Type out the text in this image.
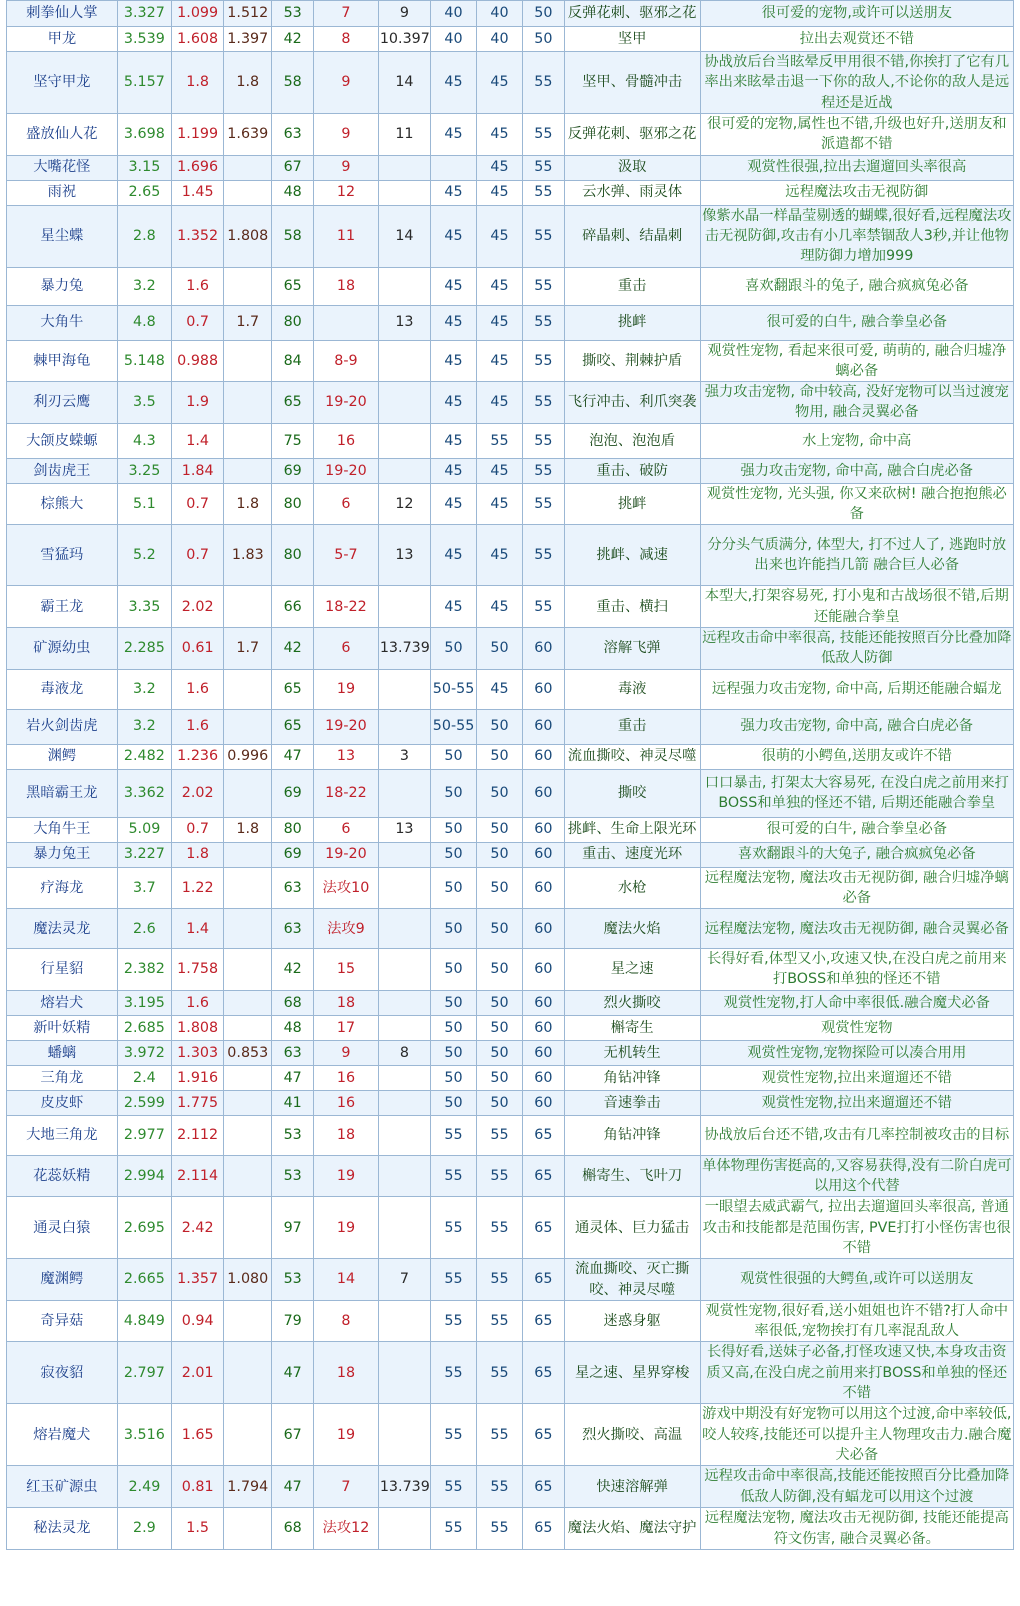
刺拳仙人掌	3.327	1.099	1.512	53	7	9	40	40	50	反弹花刺、驱邪之花	很可爱的宠物,或许可以送朋友
甲龙	3.539	1.608	1.397	42	8	10.397	40	40	50	坚甲	拉出去观赏还不错
坚守甲龙	5.157	1.8	1.8	58	9	14	45	45	55	坚甲、骨髓冲击	协战放后台当眩晕反甲用很不错,你挨打了它有几率出来眩晕击退一下你的敌人,不论你的敌人是远程还是近战
盛放仙人花	3.698	1.199	1.639	63	9	11	45	45	55	反弹花刺、驱邪之花	很可爱的宠物,属性也不错,升级也好升,送朋友和派遣都不错
大嘴花怪	3.15	1.696		67	9			45	55	汲取	观赏性很强,拉出去遛遛回头率很高
雨祝	2.65	1.45		48	12		45	45	55	云水弹、雨灵体	远程魔法攻击无视防御
星尘蝶	2.8	1.352	1.808	58	11	14	45	45	55	碎晶刺、结晶刺	像紫水晶一样晶莹剔透的蝴蝶,很好看,远程魔法攻击无视防御,攻击有小几率禁锢敌人3秒,并让他物理防御力增加999
暴力兔	3.2	1.6		65	18		45	45	55	重击	喜欢翻跟斗的兔子, 融合疯疯兔必备
大角牛	4.8	0.7	1.7	80		13	45	45	55	挑衅	很可爱的白牛, 融合拳皇必备
棘甲海龟	5.148	0.988		84	8-9		45	45	55	撕咬、荆棘护盾	观赏性宠物, 看起来很可爱, 萌萌的, 融合归墟净螭必备
利刃云鹰	3.5	1.9		65	19-20		45	45	55	飞行冲击、利爪突袭	强力攻击宠物, 命中较高, 没好宠物可以当过渡宠物用, 融合灵翼必备
大颌皮蝾螈	4.3	1.4		75	16		45	55	55	泡泡、泡泡盾	水上宠物, 命中高
剑齿虎王	3.25	1.84		69	19-20		45	45	55	重击、破防	强力攻击宠物, 命中高, 融合白虎必备
棕熊大	5.1	0.7	1.8	80	6	12	45	45	55	挑衅	观赏性宠物, 光头强, 你又来砍树! 融合抱抱熊必备
雪猛玛	5.2	0.7	1.83	80	5-7	13	45	45	55	挑衅、减速	分分头气质满分, 体型大, 打不过人了, 逃跑时放出来也许能挡几箭 融合巨人必备
霸王龙	3.35	2.02		66	18-22		45	45	55	重击、横扫	本型大,打架容易死, 打小鬼和古战场很不错,后期还能融合拳皇
矿源幼虫	2.285	0.61	1.7	42	6	13.739	50	50	60	溶解飞弹	远程攻击命中率很高, 技能还能按照百分比叠加降低敌人防御
毒液龙	3.2	1.6		65	19		50-55	45	60	毒液	远程强力攻击宠物, 命中高, 后期还能融合蝠龙
岩火剑齿虎	3.2	1.6		65	19-20		50-55	50	60	重击	强力攻击宠物, 命中高, 融合白虎必备
渊鳄	2.482	1.236	0.996	47	13	3	50	50	60	流血撕咬、神灵尽噬	很萌的小鳄鱼,送朋友或许不错
黑暗霸王龙	3.362	2.02		69	18-22		50	50	60	撕咬	口口暴击, 打架太大容易死, 在没白虎之前用来打BOSS和单独的怪还不错, 后期还能融合拳皇
大角牛王	5.09	0.7	1.8	80	6	13	50	50	60	挑衅、生命上限光环	很可爱的白牛, 融合拳皇必备
暴力兔王	3.227	1.8		69	19-20		50	50	60	重击、速度光环	喜欢翻跟斗的大兔子, 融合疯疯兔必备
疗海龙	3.7	1.22		63	法攻10		50	50	60	水枪	远程魔法宠物, 魔法攻击无视防御, 融合归墟净螭必备
魔法灵龙	2.6	1.4		63	法攻9		50	50	60	魔法火焰	远程魔法宠物, 魔法攻击无视防御, 融合灵翼必备
行星貂	2.382	1.758		42	15		50	50	60	星之速	长得好看,体型又小,攻速又快,在没白虎之前用来打BOSS和单独的怪还不错
熔岩犬	3.195	1.6		68	18		50	50	60	烈火撕咬	观赏性宠物,打人命中率很低.融合魔犬必备
新叶妖精	2.685	1.808		48	17		50	50	60	槲寄生	观赏性宠物
蟠螭	3.972	1.303	0.853	63	9	8	50	50	60	无机转生	观赏性宠物,宠物探险可以凑合用用
三角龙	2.4	1.916		47	16		50	50	60	角钻冲锋	观赏性宠物,拉出来遛遛还不错
皮皮虾	2.599	1.775		41	16		50	50	60	音速拳击	观赏性宠物,拉出来遛遛还不错
大地三角龙	2.977	2.112		53	18		55	55	65	角钻冲锋	协战放后台还不错,攻击有几率控制被攻击的目标
花蕊妖精	2.994	2.114		53	19		55	55	65	槲寄生、飞叶刀	单体物理伤害挺高的,又容易获得,没有二阶白虎可以用这个代替
通灵白猿	2.695	2.42		97	19		55	55	65	通灵体、巨力猛击	一眼望去威武霸气, 拉出去遛遛回头率很高, 普通攻击和技能都是范围伤害, PVE打打小怪伤害也很不错
魔渊鳄	2.665	1.357	1.080	53	14	7	55	55	65	流血撕咬、灭亡撕咬、神灵尽噬	观赏性很强的大鳄鱼,或许可以送朋友
奇异菇	4.849	0.94		79	8		55	55	65	迷惑身躯	观赏性宠物,很好看,送小姐姐也许不错?打人命中率很低,宠物挨打有几率混乱敌人
寂夜貂	2.797	2.01		47	18		55	55	65	星之速、星界穿梭	长得好看,送妹子必备,打怪攻速又快,本身攻击资质又高,在没白虎之前用来打BOSS和单独的怪还不错
熔岩魔犬	3.516	1.65		67	19		55	55	65	烈火撕咬、高温	游戏中期没有好宠物可以用这个过渡,命中率较低,咬人较疼,技能还可以提升主人物理攻击力.融合魔犬必备
红玉矿源虫	2.49	0.81	1.794	47	7	13.739	55	55	65	快速溶解弹	远程攻击命中率很高,技能还能按照百分比叠加降低敌人防御,没有蝠龙可以用这个过渡
秘法灵龙	2.9	1.5		68	法攻12		55	55	65	魔法火焰、魔法守护	远程魔法宠物, 魔法攻击无视防御, 技能还能提高符文伤害, 融合灵翼必备。
